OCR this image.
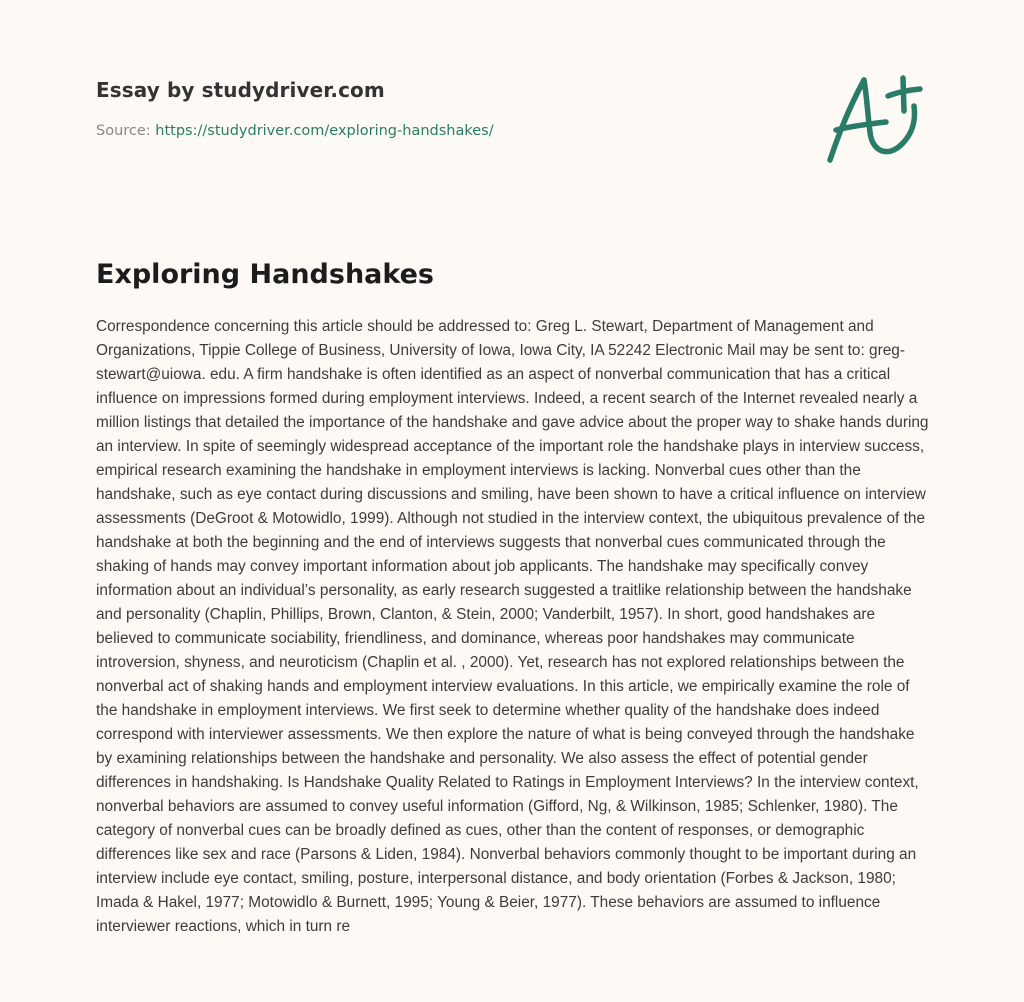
Essay by studydriver.com
Source: https://studydriver.com/exploring-handshakes/
Exploring Handshakes

Correspondence concerning this article should be addressed to: Greg L. Stewart, Department of Management and Organizations, Tippie College of Business, University of Iowa, Iowa City, IA 52242 Electronic Mail may be sent to: greg-stewart@uiowa. edu. A firm handshake is often identified as an aspect of nonverbal communication that has a critical influence on impressions formed during employment interviews. Indeed, a recent search of the Internet revealed nearly a million listings that detailed the importance of the handshake and gave advice about the proper way to shake hands during an interview. In spite of seemingly widespread acceptance of the important role the handshake plays in interview success, empirical research examining the handshake in employment interviews is lacking. Nonverbal cues other than the handshake, such as eye contact during discussions and smiling, have been shown to have a critical influence on interview assessments (DeGroot & Motowidlo, 1999). Although not studied in the interview context, the ubiquitous prevalence of the handshake at both the beginning and the end of interviews suggests that nonverbal cues communicated through the shaking of hands may convey important information about job applicants. The handshake may specifically convey information about an individual’s personality, as early research suggested a traitlike relationship between the handshake and personality (Chaplin, Phillips, Brown, Clanton, & Stein, 2000; Vanderbilt, 1957). In short, good handshakes are believed to communicate sociability, friendliness, and dominance, whereas poor handshakes may communicate introversion, shyness, and neuroticism (Chaplin et al. , 2000). Yet, research has not explored relationships between the nonverbal act of shaking hands and employment interview evaluations. In this article, we empirically examine the role of the handshake in employment interviews. We first seek to determine whether quality of the handshake does indeed correspond with interviewer assessments. We then explore the nature of what is being conveyed through the handshake by examining relationships between the handshake and personality. We also assess the effect of potential gender differences in handshaking. Is Handshake Quality Related to Ratings in Employment Interviews? In the interview context, nonverbal behaviors are assumed to convey useful information (Gifford, Ng, & Wilkinson, 1985; Schlenker, 1980). The category of nonverbal cues can be broadly defined as cues, other than the content of responses, or demographic differences like sex and race (Parsons & Liden, 1984). Nonverbal behaviors commonly thought to be important during an interview include eye contact, smiling, posture, interpersonal distance, and body orientation (Forbes & Jackson, 1980; Imada & Hakel, 1977; Motowidlo & Burnett, 1995; Young & Beier, 1977). These behaviors are assumed to influence interviewer reactions, which in turn re
